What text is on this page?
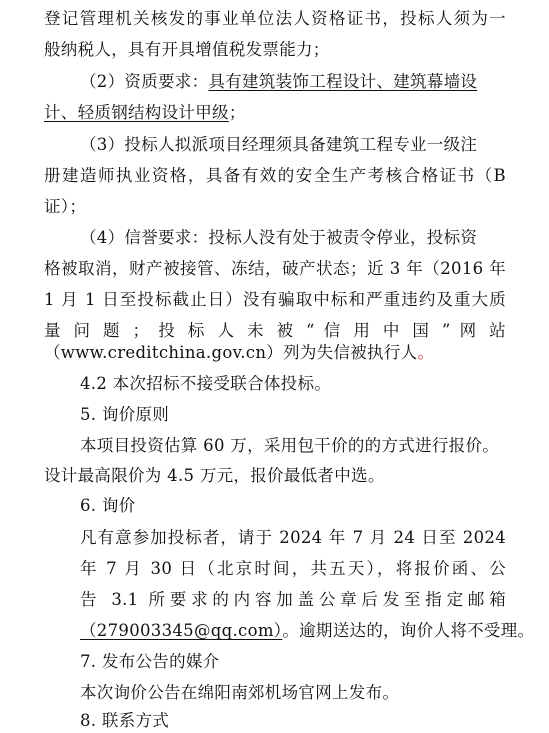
登记管理机关核发的事业单位法人资格证书，投标人须为一
般纳税人，具有开具增值税发票能力；
（2）资质要求：具有建筑装饰工程设计、建筑幕墙设
计、轻质钢结构设计甲级；
（3）投标人拟派项目经理须具备建筑工程专业一级注
册建造师执业资格，具备有效的安全生产考核合格证书（B
证）；
（4）信誉要求：投标人没有处于被责令停业，投标资
格被取消，财产被接管、冻结，破产状态；近 3 年（2016 年
1 月 1 日至投标截止日）没有骗取中标和严重违约及重大质
量 问 题 ； 投 标 人 未 被 “ 信 用 中 国 ” 网 站
（www.creditchina.gov.cn）列为失信被执行人。
4.2 本次招标不接受联合体投标。
5. 询价原则
本项目投资估算 60 万，采用包干价的的方式进行报价。
设计最高限价为 4.5 万元，报价最低者中选。
6. 询价
凡有意参加投标者，请于 2024 年 7 月 24 日至 2024
年 7 月 30 日（北京时间，共五天），将报价函、公
告 3.1 所要求的内容加盖公章后发至指定邮箱
（279003345@qq.com）。逾期送达的，询价人将不受理。
7. 发布公告的媒介
本次询价公告在绵阳南郊机场官网上发布。
8. 联系方式
